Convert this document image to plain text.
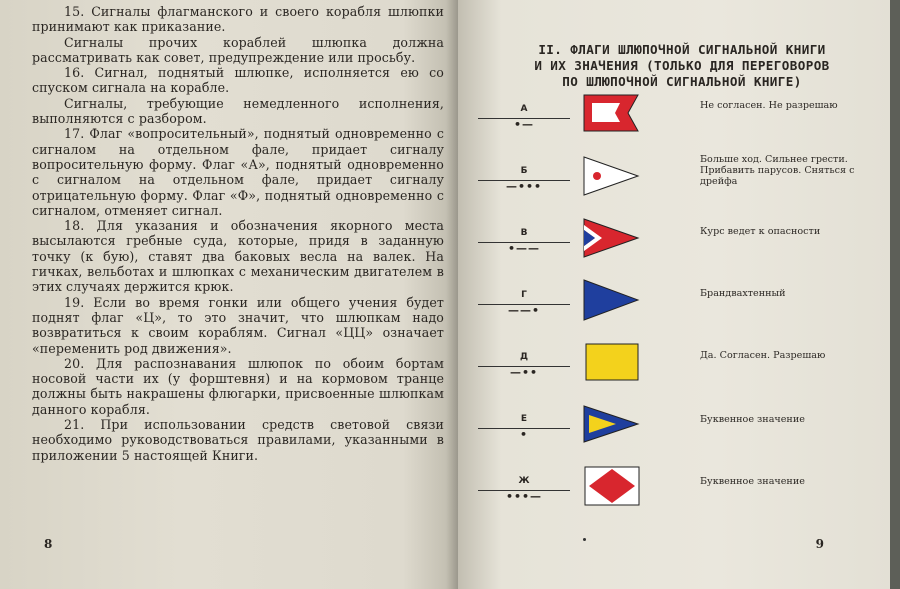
15. Сигналы флагманского и своего корабля шлюпки принимают как приказание.

Сигналы прочих кораблей шлюпка должна рассматривать как совет, предупреждение или просьбу.

16. Сигнал, поднятый шлюпке, исполняется ею со спуском сигнала на корабле.

Сигналы, требующие немедленного исполнения, выполняются с разбором.

17. Флаг «вопросительный», поднятый одновременно с сигналом на отдельном фале, придает сигналу вопросительную форму. Флаг «А», поднятый одновременно с сигналом на отдельном фале, придает сигналу отрицательную форму. Флаг «Ф», поднятый одновременно с сигналом, отменяет сигнал.

18. Для указания и обозначения якорного места высылаются гребные суда, которые, придя в заданную точку (к бую), ставят два баковых весла на валек. На гичках, вельботах и шлюпках с механическим двигателем в этих случаях держится крюк.

19. Если во время гонки или общего учения будет поднят флаг «Ц», то это значит, что шлюпкам надо возвратиться к своим кораблям. Сигнал «ЦЦ» означает «переменить род движения».

20. Для распознавания шлюпок по обоим бортам носовой части их (у форштевня) и на кормовом транце должны быть накрашены флюгарки, присвоенные шлюпкам данного корабля.

21. При использовании средств световой связи необходимо руководствоваться правилами, указанными в приложении 5 настоящей Книги.

8
II. ФЛАГИ ШЛЮПОЧНОЙ СИГНАЛЬНОЙ КНИГИ
И ИХ ЗНАЧЕНИЯ (ТОЛЬКО ДЛЯ ПЕРЕГОВОРОВ
ПО ШЛЮПОЧНОЙ СИГНАЛЬНОЙ КНИГЕ)
А
•—
Не согласен. Не разрешаю
Б
—•••
Больше ход. Сильнее грести. Прибавить парусов. Сняться с дрейфа
В
•——
Курс ведет к опасности
Г
——•
Брандвахтенный
Д
—••
Да. Согласен. Разрешаю
Е
•
Буквенное значение
Ж
•••—
Буквенное значение
9
